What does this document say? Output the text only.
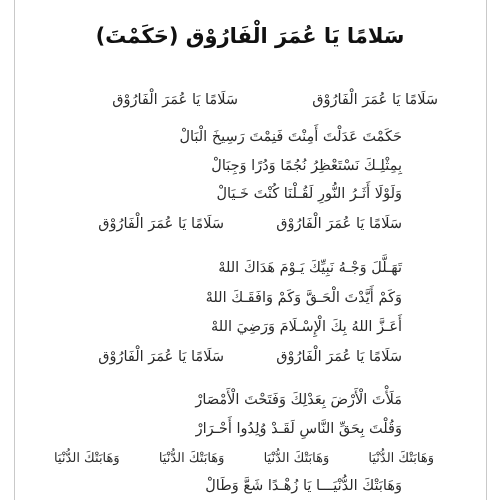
سَلامًا يَا عُمَرَ الْفَارُوْق (حَكَمْتَ)
سَلَامًا يَا عُمَرَ الْفَارُوْق	سَلَامًا يَا عُمَرَ الْفَارُوْق
حَكَمْتَ عَدَلْتَ أَمِنْتَ فَنِمْتَ رَسِيخَ الْبَالْ
بِمِثْلِـكَ نَسْتَعْظِرُ نُجُمًا وَدُرًا وَجِبَالْ
وَلَوْلَا أَثَـرُ النُّورِ لَقُـلْنَا كُنْتَ خَـيَالْ
سَلَامًا يَا عُمَرَ الْفَارُوْق
سَلَامًا يَا عُمَرَ الْفَارُوْق
تَهَـلَّلَ وَجْـهُ نَبِيِّكَ يَـوْمَ هَدَاكَ اللهْ
وَكَمْ أَيَّدْتَ الْحَـقَّ وَكَمْ وَافَقَـكَ اللهْ
أَعَـزَّ اللهُ بِكَ الْإِسْـلَامَ وَرَضِيَ اللهْ
سَلَامًا يَا عُمَرَ الْفَارُوْق
سَلَامًا يَا عُمَرَ الْفَارُوْق
مَلَأْتَ الْأَرْضَ بِعَدْلِكَ وَفَتَحْتَ الْأَمْصَارْ
وَقُلْتَ بِحَقِّ النَّاسِ لَقَـدْ وُلِدُوا أَحْـرَارْ
وَهَابَتْكَ الدُّنْيَا
وَهَابَتْكَ الدُّنْيَا
وَهَابَتْكَ الدُّنْيَا
وَهَابَتْكَ الدُّنْيَا
وَهَابَتْكَ الدُّنْيَـــا يَا زُهْـدًا شَعَّ وَطَالْ
